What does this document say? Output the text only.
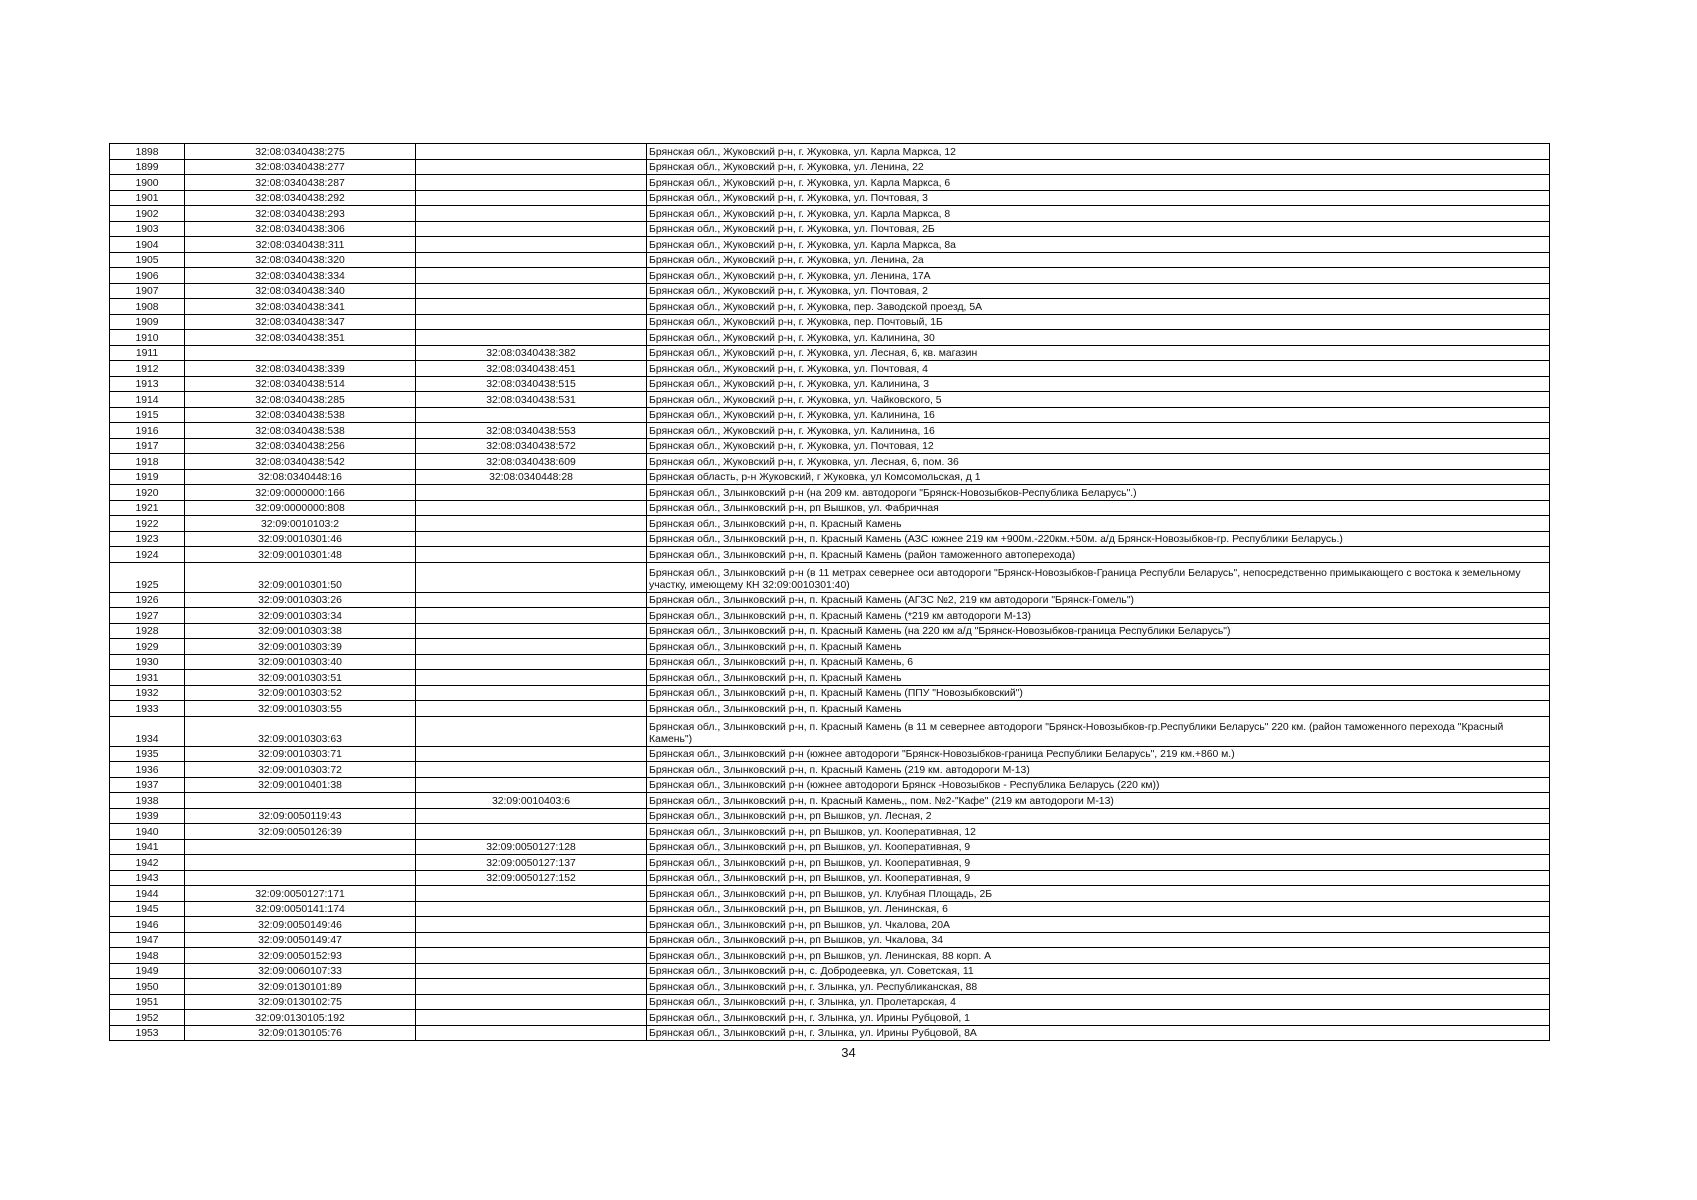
1898	32:08:0340438:275		Брянская обл., Жуковский р-н, г. Жуковка, ул. Карла Маркса, 12
1899	32:08:0340438:277		Брянская обл., Жуковский р-н, г. Жуковка, ул. Ленина, 22
1900	32:08:0340438:287		Брянская обл., Жуковский р-н, г. Жуковка, ул. Карла Маркса, 6
1901	32:08:0340438:292		Брянская обл., Жуковский р-н, г. Жуковка, ул. Почтовая, 3
1902	32:08:0340438:293		Брянская обл., Жуковский р-н, г. Жуковка, ул. Карла Маркса, 8
1903	32:08:0340438:306		Брянская обл., Жуковский р-н, г. Жуковка, ул. Почтовая, 2Б
1904	32:08:0340438:311		Брянская обл., Жуковский р-н, г. Жуковка, ул. Карла Маркса, 8а
1905	32:08:0340438:320		Брянская обл., Жуковский р-н, г. Жуковка, ул. Ленина, 2а
1906	32:08:0340438:334		Брянская обл., Жуковский р-н, г. Жуковка, ул. Ленина, 17А
1907	32:08:0340438:340		Брянская обл., Жуковский р-н, г. Жуковка, ул. Почтовая, 2
1908	32:08:0340438:341		Брянская обл., Жуковский р-н, г. Жуковка, пер. Заводской проезд, 5А
1909	32:08:0340438:347		Брянская обл., Жуковский р-н, г. Жуковка, пер. Почтовый, 1Б
1910	32:08:0340438:351		Брянская обл., Жуковский р-н, г. Жуковка, ул. Калинина, 30
1911		32:08:0340438:382	Брянская обл., Жуковский р-н, г. Жуковка, ул. Лесная, 6, кв. магазин
1912	32:08:0340438:339	32:08:0340438:451	Брянская обл., Жуковский р-н, г. Жуковка, ул. Почтовая, 4
1913	32:08:0340438:514	32:08:0340438:515	Брянская обл., Жуковский р-н, г. Жуковка, ул. Калинина, 3
1914	32:08:0340438:285	32:08:0340438:531	Брянская обл., Жуковский р-н, г. Жуковка, ул. Чайковского, 5
1915	32:08:0340438:538		Брянская обл., Жуковский р-н, г. Жуковка, ул. Калинина, 16
1916	32:08:0340438:538	32:08:0340438:553	Брянская обл., Жуковский р-н, г. Жуковка, ул. Калинина, 16
1917	32:08:0340438:256	32:08:0340438:572	Брянская обл., Жуковский р-н, г. Жуковка, ул. Почтовая, 12
1918	32:08:0340438:542	32:08:0340438:609	Брянская обл., Жуковский р-н, г. Жуковка, ул. Лесная, 6, пом. 36
1919	32:08:0340448:16	32:08:0340448:28	Брянская область, р-н Жуковский, г Жуковка, ул Комсомольская, д 1
1920	32:09:0000000:166		Брянская обл., Злынковский р-н (на 209 км. автодороги "Брянск-Новозыбков-Республика Беларусь".)
1921	32:09:0000000:808		Брянская обл., Злынковский р-н, рп Вышков, ул. Фабричная
1922	32:09:0010103:2		Брянская обл., Злынковский р-н, п. Красный Камень
1923	32:09:0010301:46		Брянская обл., Злынковский р-н, п. Красный Камень (АЗС южнее 219 км +900м.-220км.+50м. а/д Брянск-Новозыбков-гр. Республики Беларусь.)
1924	32:09:0010301:48		Брянская обл., Злынковский р-н, п. Красный Камень (район таможенного автоперехода)
1925	32:09:0010301:50		Брянская обл., Злынковский р-н (в 11 метрах севернее оси автодороги "Брянск-Новозыбков-Граница Республи Беларусь", непосредственно примыкающего с востока к земельному участку, имеющему КН 32:09:0010301:40)
1926	32:09:0010303:26		Брянская обл., Злынковский р-н, п. Красный Камень (АГЗС №2, 219 км автодороги "Брянск-Гомель")
1927	32:09:0010303:34		Брянская обл., Злынковский р-н, п. Красный Камень (*219 км автодороги М-13)
1928	32:09:0010303:38		Брянская обл., Злынковский р-н, п. Красный Камень (на 220 км а/д "Брянск-Новозыбков-граница Республики Беларусь")
1929	32:09:0010303:39		Брянская обл., Злынковский р-н, п. Красный Камень
1930	32:09:0010303:40		Брянская обл., Злынковский р-н, п. Красный Камень, 6
1931	32:09:0010303:51		Брянская обл., Злынковский р-н, п. Красный Камень
1932	32:09:0010303:52		Брянская обл., Злынковский р-н, п. Красный Камень (ППУ "Новозыбковский")
1933	32:09:0010303:55		Брянская обл., Злынковский р-н, п. Красный Камень
1934	32:09:0010303:63		Брянская обл., Злынковский р-н, п. Красный Камень (в 11 м севернее автодороги "Брянск-Новозыбков-гр.Республики Беларусь" 220 км. (район таможенного перехода "Красный Камень")
1935	32:09:0010303:71		Брянская обл., Злынковский р-н (южнее автодороги "Брянск-Новозыбков-граница Республики Беларусь", 219 км.+860 м.)
1936	32:09:0010303:72		Брянская обл., Злынковский р-н, п. Красный Камень (219 км. автодороги М-13)
1937	32:09:0010401:38		Брянская обл., Злынковский р-н (южнее автодороги Брянск -Новозыбков - Республика Беларусь (220 км))
1938		32:09:0010403:6	Брянская обл., Злынковский р-н, п. Красный Камень,, пом. №2-"Кафе" (219 км автодороги М-13)
1939	32:09:0050119:43		Брянская обл., Злынковский р-н, рп Вышков, ул. Лесная, 2
1940	32:09:0050126:39		Брянская обл., Злынковский р-н, рп Вышков, ул. Кооперативная, 12
1941		32:09:0050127:128	Брянская обл., Злынковский р-н, рп Вышков, ул. Кооперативная, 9
1942		32:09:0050127:137	Брянская обл., Злынковский р-н, рп Вышков, ул. Кооперативная, 9
1943		32:09:0050127:152	Брянская обл., Злынковский р-н, рп Вышков, ул. Кооперативная, 9
1944	32:09:0050127:171		Брянская обл., Злынковский р-н, рп Вышков, ул. Клубная Площадь, 2Б
1945	32:09:0050141:174		Брянская обл., Злынковский р-н, рп Вышков, ул. Ленинская, 6
1946	32:09:0050149:46		Брянская обл., Злынковский р-н, рп Вышков, ул. Чкалова, 20А
1947	32:09:0050149:47		Брянская обл., Злынковский р-н, рп Вышков, ул. Чкалова, 34
1948	32:09:0050152:93		Брянская обл., Злынковский р-н, рп Вышков, ул. Ленинская, 88 корп. А
1949	32:09:0060107:33		Брянская обл., Злынковский р-н, с. Добродеевка, ул. Советская, 11
1950	32:09:0130101:89		Брянская обл., Злынковский р-н, г. Злынка, ул. Республиканская, 88
1951	32:09:0130102:75		Брянская обл., Злынковский р-н, г. Злынка, ул. Пролетарская, 4
1952	32:09:0130105:192		Брянская обл., Злынковский р-н, г. Злынка, ул. Ирины Рубцовой, 1
1953	32:09:0130105:76		Брянская обл., Злынковский р-н, г. Злынка, ул. Ирины Рубцовой, 8А
34
